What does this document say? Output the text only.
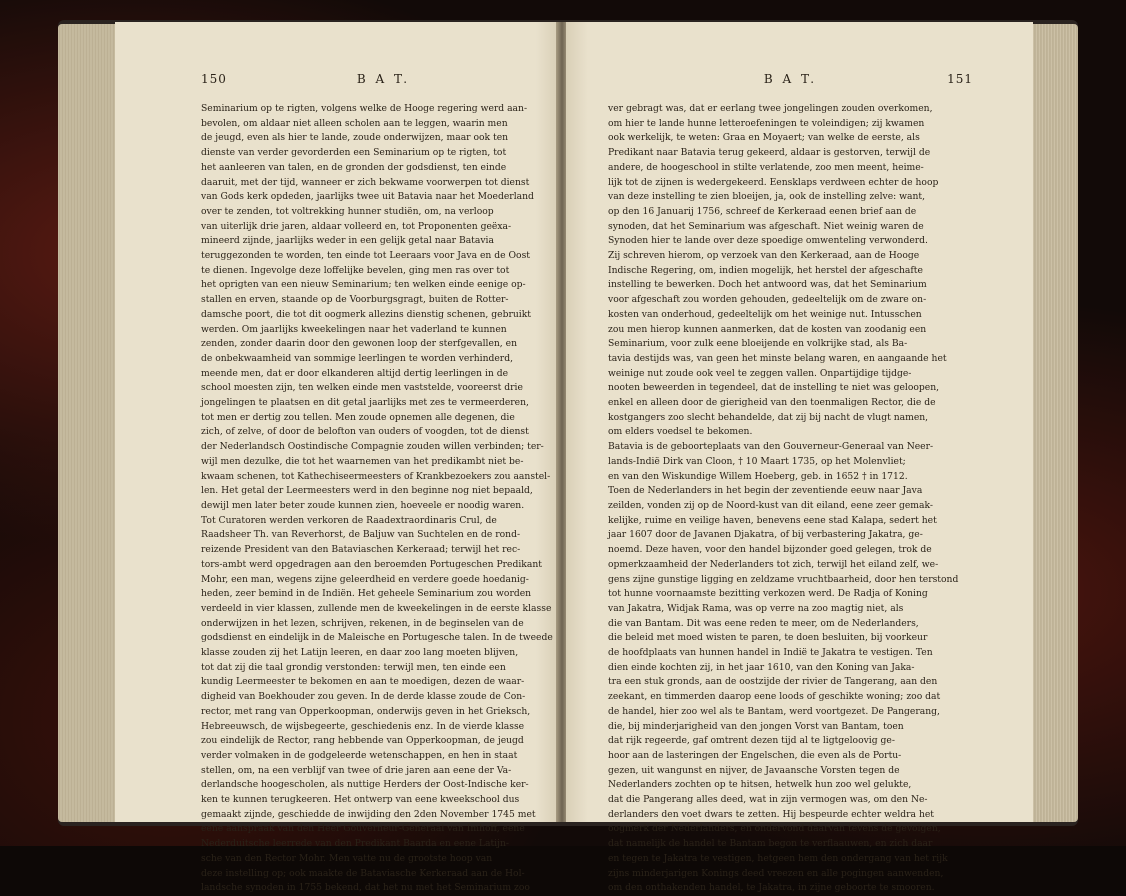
150	B A T.
Seminarium op te rigten, volgens welke de Hooge regering werd aan-
bevolen, om aldaar niet alleen scholen aan te leggen, waarin men
de jeugd, even als hier te lande, zoude onderwijzen, maar ook ten
dienste van verder gevorderden een Seminarium op te rigten, tot
het aanleeren van talen, en de gronden der godsdienst, ten einde
daaruit, met der tijd, wanneer er zich bekwame voorwerpen tot dienst
van Gods kerk opdeden, jaarlijks twee uit Batavia naar het Moederland
over te zenden, tot voltrekking hunner studiën, om, na verloop
van uiterlijk drie jaren, aldaar volleerd en, tot Proponenten geëxa-
mineerd zijnde, jaarlijks weder in een gelijk getal naar Batavia
teruggezonden te worden, ten einde tot Leeraars voor Java en de Oost
te dienen. Ingevolge deze loffelijke bevelen, ging men ras over tot
het oprigten van een nieuw Seminarium; ten welken einde eenige op-
stallen en erven, staande op de Voorburgsgragt, buiten de Rotter-
damsche poort, die tot dit oogmerk allezins dienstig schenen, gebruikt
werden. Om jaarlijks kweekelingen naar het vaderland te kunnen
zenden, zonder daarin door den gewonen loop der sterfgevallen, en
de onbekwaamheid van sommige leerlingen te worden verhinderd,
meende men, dat er door elkanderen altijd dertig leerlingen in de
school moesten zijn, ten welken einde men vaststelde, vooreerst drie
jongelingen te plaatsen en dit getal jaarlijks met zes te vermeerderen,
tot men er dertig zou tellen. Men zoude opnemen alle degenen, die
zich, of zelve, of door de belofton van ouders of voogden, tot de dienst
der Nederlandsch Oostindische Compagnie zouden willen verbinden; ter-
wijl men dezulke, die tot het waarnemen van het predikambt niet be-
kwaam schenen, tot Kathechiseermeesters of Krankbezoekers zou aanstel-
len. Het getal der Leermeesters werd in den beginne nog niet bepaald,
dewijl men later beter zoude kunnen zien, hoeveele er noodig waren.
Tot Curatoren werden verkoren de Raadextraordinaris Crul, de
Raadsheer Th. van Reverhorst, de Baljuw van Suchtelen en de rond-
reizende President van den Bataviaschen Kerkeraad; terwijl het rec-
tors-ambt werd opgedragen aan den beroemden Portugeschen Predikant
Mohr, een man, wegens zijne geleerdheid en verdere goede hoedanig-
heden, zeer bemind in de Indiën. Het geheele Seminarium zou worden
verdeeld in vier klassen, zullende men de kweekelingen in de eerste klasse
onderwijzen in het lezen, schrijven, rekenen, in de beginselen van de
godsdienst en eindelijk in de Maleische en Portugesche talen. In de tweede
klasse zouden zij het Latijn leeren, en daar zoo lang moeten blijven,
tot dat zij die taal grondig verstonden: terwijl men, ten einde een
kundig Leermeester te bekomen en aan te moedigen, dezen de waar-
digheid van Boekhouder zou geven. In de derde klasse zoude de Con-
rector, met rang van Opperkoopman, onderwijs geven in het Grieksch,
Hebreeuwsch, de wijsbegeerte, geschiedenis enz. In de vierde klasse
zou eindelijk de Rector, rang hebbende van Opperkoopman, de jeugd
verder volmaken in de godgeleerde wetenschappen, en hen in staat
stellen, om, na een verblijf van twee of drie jaren aan eene der Va-
derlandsche hoogescholen, als nuttige Herders der Oost-Indische ker-
ken te kunnen terugkeeren. Het ontwerp van eene kweekschool dus
gemaakt zijnde, geschiedde de inwijding den 2den November 1745 met
eene aanspraak van den Heer Gouverneur-Generaal van Imhoff, eene
Nederduitsche leerrede van den Predikant Baarda en eene Latijn-
sche van den Rector Mohr. Men vatte nu de grootste hoop van
deze instelling op; ook maakte de Bataviasche Kerkeraad aan de Hol-
landsche synoden in 1755 bekend, dat het nu met het Seminarium zoo
B A T.	151
ver gebragt was, dat er eerlang twee jongelingen zouden overkomen,
om hier te lande hunne letteroefeningen te voleindigen; zij kwamen
ook werkelijk, te weten: Graa en Moyaert; van welke de eerste, als
Predikant naar Batavia terug gekeerd, aldaar is gestorven, terwijl de
andere, de hoogeschool in stilte verlatende, zoo men meent, heime-
lijk tot de zijnen is wedergekeerd. Eensklaps verdween echter de hoop
van deze instelling te zien bloeijen, ja, ook de instelling zelve: want,
op den 16 Januarij 1756, schreef de Kerkeraad eenen brief aan de
synoden, dat het Seminarium was afgeschaft. Niet weinig waren de
Synoden hier te lande over deze spoedige omwenteling verwonderd.
Zij schreven hierom, op verzoek van den Kerkeraad, aan de Hooge
Indische Regering, om, indien mogelijk, het herstel der afgeschafte
instelling te bewerken. Doch het antwoord was, dat het Seminarium
voor afgeschaft zou worden gehouden, gedeeltelijk om de zware on-
kosten van onderhoud, gedeeltelijk om het weinige nut. Intusschen
zou men hierop kunnen aanmerken, dat de kosten van zoodanig een
Seminarium, voor zulk eene bloeijende en volkrijke stad, als Ba-
tavia destijds was, van geen het minste belang waren, en aangaande het
weinige nut zoude ook veel te zeggen vallen. Onpartijdige tijdge-
nooten beweerden in tegendeel, dat de instelling te niet was geloopen,
enkel en alleen door de gierigheid van den toenmaligen Rector, die de
kostgangers zoo slecht behandelde, dat zij bij nacht de vlugt namen,
om elders voedsel te bekomen.
Batavia is de geboorteplaats van den Gouverneur-Generaal van Neer-
lands-Indië Dirk van Cloon, † 10 Maart 1735, op het Molenvliet;
en van den Wiskundige Willem Hoeberg, geb. in 1652 † in 1712.
Toen de Nederlanders in het begin der zeventiende eeuw naar Java
zeilden, vonden zij op de Noord-kust van dit eiland, eene zeer gemak-
kelijke, ruime en veilige haven, benevens eene stad Kalapa, sedert het
jaar 1607 door de Javanen Djakatra, of bij verbastering Jakatra, ge-
noemd. Deze haven, voor den handel bijzonder goed gelegen, trok de
opmerkzaamheid der Nederlanders tot zich, terwijl het eiland zelf, we-
gens zijne gunstige ligging en zeldzame vruchtbaarheid, door hen terstond
tot hunne voornaamste bezitting verkozen werd. De Radja of Koning
van Jakatra, Widjak Rama, was op verre na zoo magtig niet, als
die van Bantam. Dit was eene reden te meer, om de Nederlanders,
die beleid met moed wisten te paren, te doen besluiten, bij voorkeur
de hoofdplaats van hunnen handel in Indië te Jakatra te vestigen. Ten
dien einde kochten zij, in het jaar 1610, van den Koning van Jaka-
tra een stuk gronds, aan de oostzijde der rivier de Tangerang, aan den
zeekant, en timmerden daarop eene loods of geschikte woning; zoo dat
de handel, hier zoo wel als te Bantam, werd voortgezet. De Pangerang,
die, bij minderjarigheid van den jongen Vorst van Bantam, toen
dat rijk regeerde, gaf omtrent dezen tijd al te ligtgeloovig ge-
hoor aan de lasteringen der Engelschen, die even als de Portu-
gezen, uit wangunst en nijver, de Javaansche Vorsten tegen de
Nederlanders zochten op te hitsen, hetwelk hun zoo wel gelukte,
dat die Pangerang alles deed, wat in zijn vermogen was, om den Ne-
derlanders den voet dwars te zetten. Hij bespeurde echter weldra het
oogmerk der Nederlanders, en ondervond daarvan tevens de gevolgen,
dat namelijk de handel te Bantam begon te verflaauwen, en zich daar
en tegen te Jakatra te vestigen, hetgeen hem den ondergang van het rijk
zijns minderjarigen Konings deed vreezen en alle pogingen aanwenden,
om den onthakenden handel, te Jakatra, in zijne geboorte te smooren.
